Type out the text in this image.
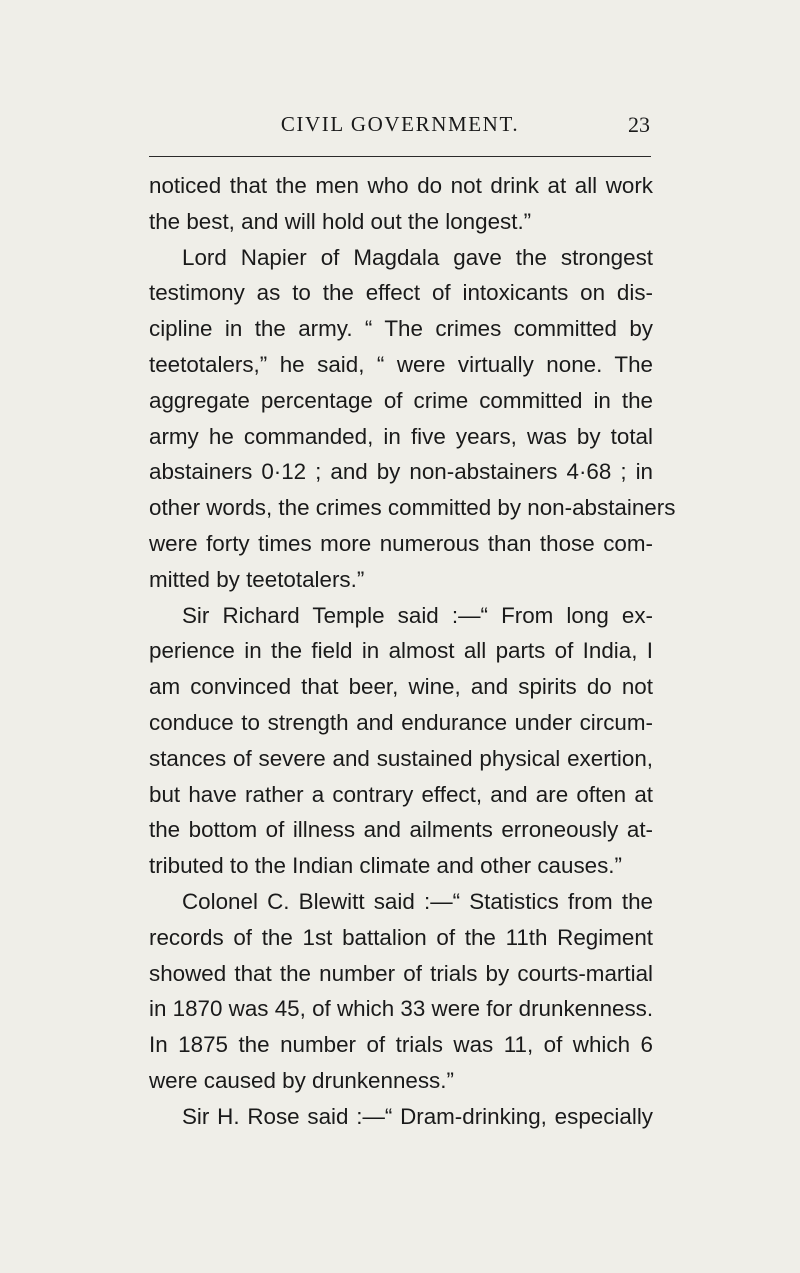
CIVIL GOVERNMENT.	23
noticed that the men who do not drink at all work
the best, and will hold out the longest.”
Lord Napier of Magdala gave the strongest
testimony as to the effect of intoxicants on dis-
cipline in the army. “ The crimes committed by
teetotalers,” he said, “ were virtually none. The
aggregate percentage of crime committed in the
army he commanded, in five years, was by total
abstainers 0·12 ; and by non-abstainers 4·68 ; in
other words, the crimes committed by non-abstainers
were forty times more numerous than those com-
mitted by teetotalers.”
Sir Richard Temple said :—“ From long ex-
perience in the field in almost all parts of India, I
am convinced that beer, wine, and spirits do not
conduce to strength and endurance under circum-
stances of severe and sustained physical exertion,
but have rather a contrary effect, and are often at
the bottom of illness and ailments erroneously at-
tributed to the Indian climate and other causes.”
Colonel C. Blewitt said :—“ Statistics from the
records of the 1st battalion of the 11th Regiment
showed that the number of trials by courts-martial
in 1870 was 45, of which 33 were for drunkenness.
In 1875 the number of trials was 11, of which 6
were caused by drunkenness.”
Sir H. Rose said :—“ Dram-drinking, especially
